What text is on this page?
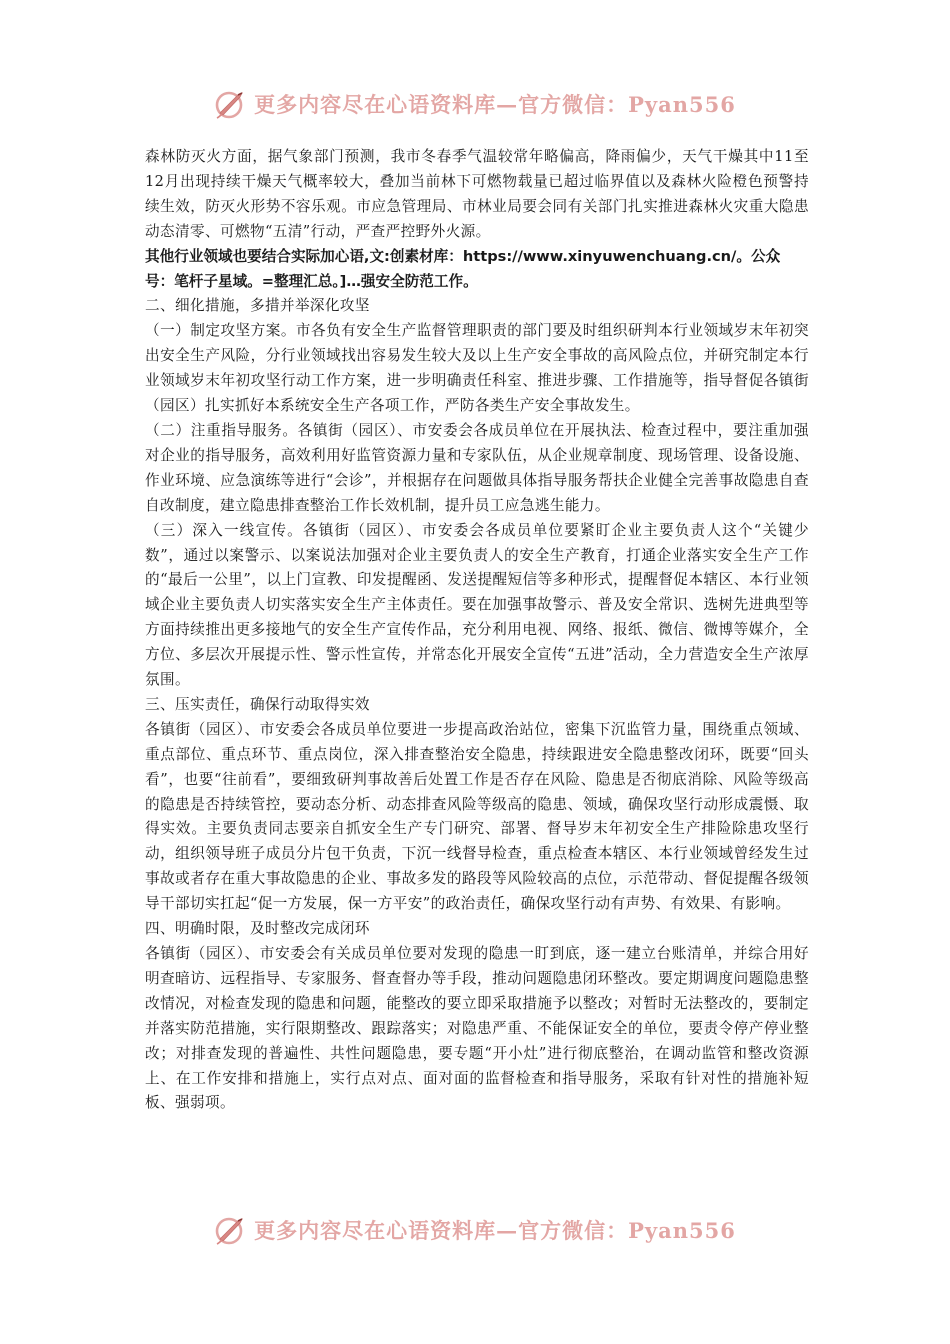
更多内容尽在心语资料库—官方微信：Pyan556

森林防灭火方面，据气象部门预测，我市冬春季气温较常年略偏高，降雨偏少，天气干燥其中11至12月出现持续干燥天气概率较大，叠加当前林下可燃物载量已超过临界值以及森林火险橙色预警持续生效，防灭火形势不容乐观。市应急管理局、市林业局要会同有关部门扎实推进森林火灾重大隐患动态清零、可燃物“五清”行动，严查严控野外火源。

其他行业领域也要结合实际加心语,文:创素材库：https://www.xinyuwenchuang.cn/。公众号：笔杆子星域。=整理汇总。]…强安全防范工作。

二、细化措施，多措并举深化攻坚

（一）制定攻坚方案。市各负有安全生产监督管理职责的部门要及时组织研判本行业领域岁末年初突出安全生产风险，分行业领域找出容易发生较大及以上生产安全事故的高风险点位，并研究制定本行业领域岁末年初攻坚行动工作方案，进一步明确责任科室、推进步骤、工作措施等，指导督促各镇街（园区）扎实抓好本系统安全生产各项工作，严防各类生产安全事故发生。

（二）注重指导服务。各镇街（园区）、市安委会各成员单位在开展执法、检查过程中，要注重加强对企业的指导服务，高效利用好监管资源力量和专家队伍，从企业规章制度、现场管理、设备设施、作业环境、应急演练等进行“会诊”，并根据存在问题做具体指导服务帮扶企业健全完善事故隐患自查自改制度，建立隐患排查整治工作长效机制，提升员工应急逃生能力。

（三）深入一线宣传。各镇街（园区）、市安委会各成员单位要紧盯企业主要负责人这个“关键少数”，通过以案警示、以案说法加强对企业主要负责人的安全生产教育，打通企业落实安全生产工作的“最后一公里”，以上门宣教、印发提醒函、发送提醒短信等多种形式，提醒督促本辖区、本行业领域企业主要负责人切实落实安全生产主体责任。要在加强事故警示、普及安全常识、选树先进典型等方面持续推出更多接地气的安全生产宣传作品，充分利用电视、网络、报纸、微信、微博等媒介，全方位、多层次开展提示性、警示性宣传，并常态化开展安全宣传“五进”活动，全力营造安全生产浓厚氛围。

三、压实责任，确保行动取得实效

各镇街（园区）、市安委会各成员单位要进一步提高政治站位，密集下沉监管力量，围绕重点领域、重点部位、重点环节、重点岗位，深入排查整治安全隐患，持续跟进安全隐患整改闭环，既要“回头看”，也要“往前看”，要细致研判事故善后处置工作是否存在风险、隐患是否彻底消除、风险等级高的隐患是否持续管控，要动态分析、动态排查风险等级高的隐患、领域，确保攻坚行动形成震慑、取得实效。主要负责同志要亲自抓安全生产专门研究、部署、督导岁末年初安全生产排险除患攻坚行动，组织领导班子成员分片包干负责，下沉一线督导检查，重点检查本辖区、本行业领域曾经发生过事故或者存在重大事故隐患的企业、事故多发的路段等风险较高的点位，示范带动、督促提醒各级领导干部切实扛起“促一方发展，保一方平安”的政治责任，确保攻坚行动有声势、有效果、有影响。

四、明确时限，及时整改完成闭环

各镇街（园区）、市安委会有关成员单位要对发现的隐患一盯到底，逐一建立台账清单，并综合用好明查暗访、远程指导、专家服务、督查督办等手段，推动问题隐患闭环整改。要定期调度问题隐患整改情况，对检查发现的隐患和问题，能整改的要立即采取措施予以整改；对暂时无法整改的，要制定并落实防范措施，实行限期整改、跟踪落实；对隐患严重、不能保证安全的单位，要责令停产停业整改；对排查发现的普遍性、共性问题隐患，要专题“开小灶”进行彻底整治，在调动监管和整改资源上、在工作安排和措施上，实行点对点、面对面的监督检查和指导服务，采取有针对性的措施补短板、强弱项。

更多内容尽在心语资料库—官方微信：Pyan556
